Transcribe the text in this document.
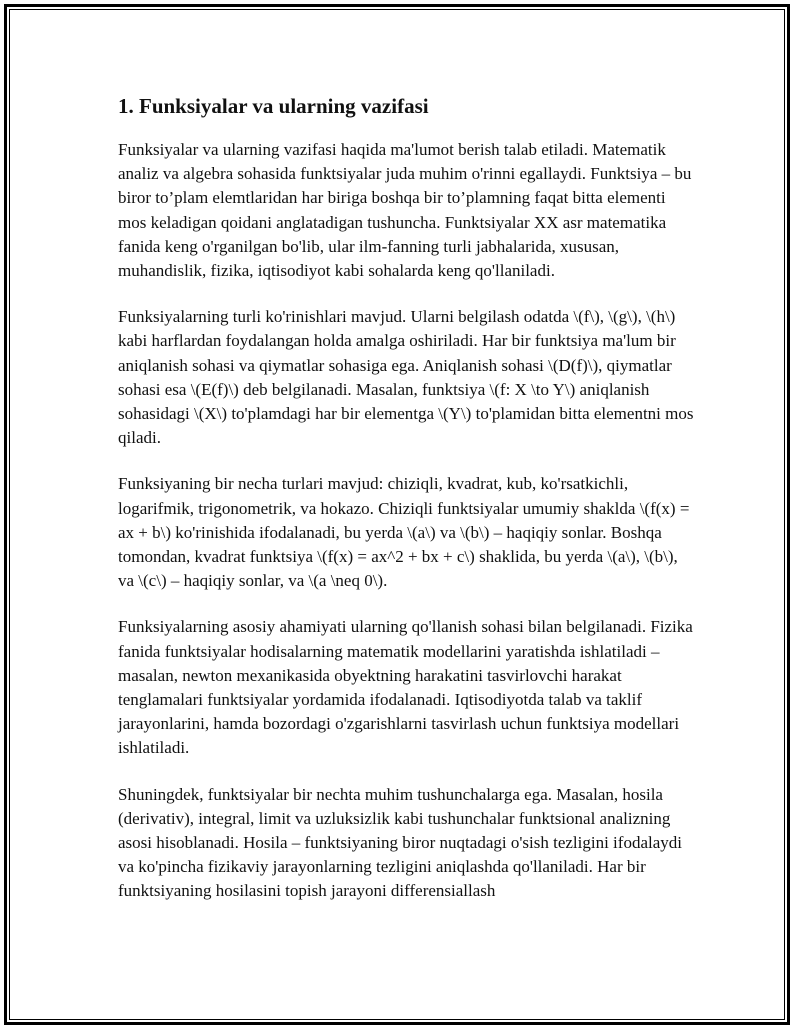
1. Funksiyalar va ularning vazifasi

Funksiyalar va ularning vazifasi haqida ma'lumot berish talab etiladi. Matematik analiz va algebra sohasida funktsiyalar juda muhim o'rinni egallaydi. Funktsiya – bu biror to’plam elemtlaridan har biriga boshqa bir to’plamning faqat bitta elementi mos keladigan qoidani anglatadigan tushuncha. Funktsiyalar XX asr matematika fanida keng o'rganilgan bo'lib, ular ilm-fanning turli jabhalarida, xususan, muhandislik, fizika, iqtisodiyot kabi sohalarda keng qo'llaniladi.

Funksiyalarning turli ko'rinishlari mavjud. Ularni belgilash odatda \(f\), \(g\), \(h\) kabi harflardan foydalangan holda amalga oshiriladi. Har bir funktsiya ma'lum bir aniqlanish sohasi va qiymatlar sohasiga ega. Aniqlanish sohasi \(D(f)\), qiymatlar sohasi esa \(E(f)\) deb belgilanadi. Masalan, funktsiya \(f: X \to Y\) aniqlanish sohasidagi \(X\) to'plamdagi har bir elementga \(Y\) to'plamidan bitta elementni mos qiladi.

Funksiyaning bir necha turlari mavjud: chiziqli, kvadrat, kub, ko'rsatkichli, logarifmik, trigonometrik, va hokazo. Chiziqli funktsiyalar umumiy shaklda \(f(x) = ax + b\) ko'rinishida ifodalanadi, bu yerda \(a\) va \(b\) – haqiqiy sonlar. Boshqa tomondan, kvadrat funktsiya \(f(x) = ax^2 + bx + c\) shaklida, bu yerda \(a\), \(b\), va \(c\) – haqiqiy sonlar, va \(a \neq 0\).

Funksiyalarning asosiy ahamiyati ularning qo'llanish sohasi bilan belgilanadi. Fizika fanida funktsiyalar hodisalarning matematik modellarini yaratishda ishlatiladi – masalan, newton mexanikasida obyektning harakatini tasvirlovchi harakat tenglamalari funktsiyalar yordamida ifodalanadi. Iqtisodiyotda talab va taklif jarayonlarini, hamda bozordagi o'zgarishlarni tasvirlash uchun funktsiya modellari ishlatiladi.

Shuningdek, funktsiyalar bir nechta muhim tushunchalarga ega. Masalan, hosila (derivativ), integral, limit va uzluksizlik kabi tushunchalar funktsional analizning asosi hisoblanadi. Hosila – funktsiyaning biror nuqtadagi o'sish tezligini ifodalaydi va ko'pincha fizikaviy jarayonlarning tezligini aniqlashda qo'llaniladi. Har bir funktsiyaning hosilasini topish jarayoni differensiallash
